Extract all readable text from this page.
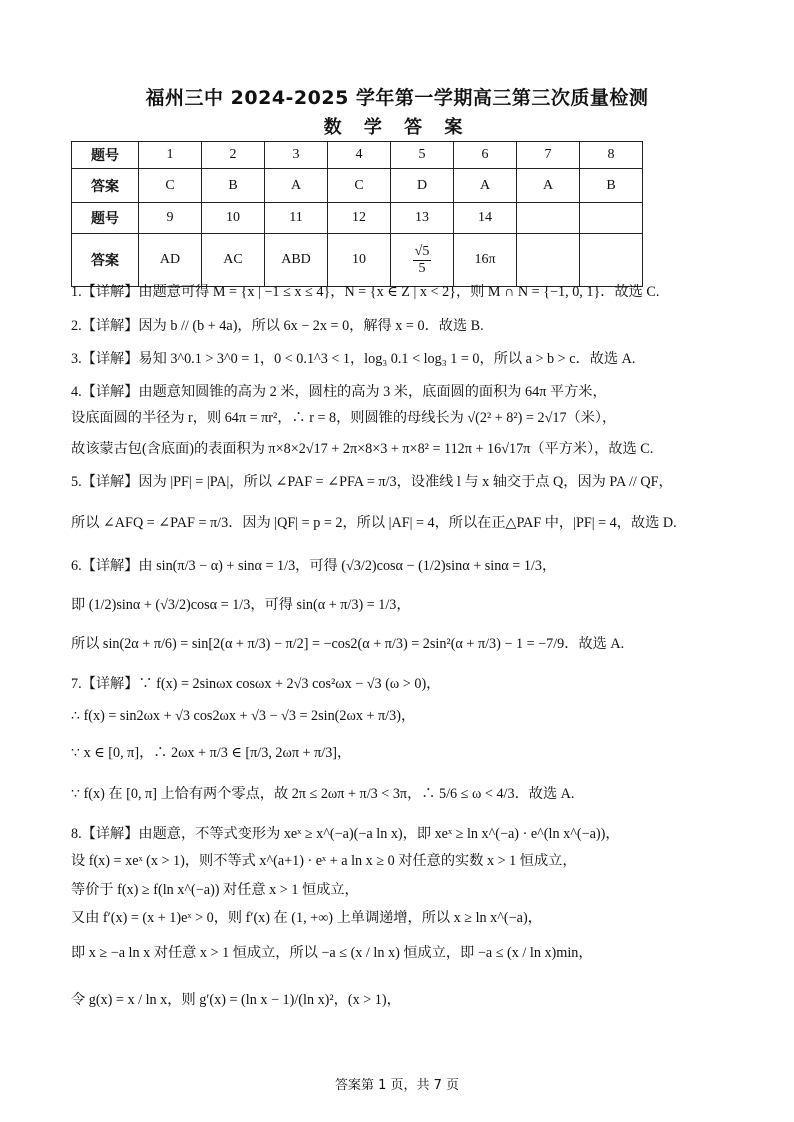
福州三中 2024-2025 学年第一学期高三第三次质量检测
数 学 答 案
题号	1	2	3	4	5	6	7	8
答案	C	B	A	C	D	A	A	B
题号	9	10	11	12	13	14		
答案	AD	AC	ABD	10	$\frac{√5}{5}$	16π		
1.【详解】由题意可得 M = {x | −1 ≤ x ≤ 4}，N = {x ∈ Z | x < 2}，则 M ∩ N = {−1, 0, 1}．故选 C.
2.【详解】因为 b // (b + 4a)，所以 6x − 2x = 0，解得 x = 0．故选 B.
3.【详解】易知 3^0.1 > 3^0 = 1，0 < 0.1^3 < 1，log₃ 0.1 < log₃ 1 = 0，所以 a > b > c．故选 A.
4.【详解】由题意知圆锥的高为 2 米，圆柱的高为 3 米，底面圆的面积为 64π 平方米，
设底面圆的半径为 r，则 64π = πr²，∴ r = 8，则圆锥的母线长为 √(2² + 8²) = 2√17（米），
故该蒙古包(含底面)的表面积为 π×8×2√17 + 2π×8×3 + π×8² = 112π + 16√17π（平方米），故选 C.
5.【详解】因为 |PF| = |PA|，所以 ∠PAF = ∠PFA = π/3，设准线 l 与 x 轴交于点 Q，因为 PA // QF，
所以 ∠AFQ = ∠PAF = π/3．因为 |QF| = p = 2，所以 |AF| = 4，所以在正△PAF 中，|PF| = 4，故选 D.
6.【详解】由 sin(π/3 − α) + sinα = 1/3，可得 (√3/2)cosα − (1/2)sinα + sinα = 1/3，
即 (1/2)sinα + (√3/2)cosα = 1/3，可得 sin(α + π/3) = 1/3，
所以 sin(2α + π/6) = sin[2(α + π/3) − π/2] = −cos2(α + π/3) = 2sin²(α + π/3) − 1 = −7/9．故选 A.
7.【详解】∵ f(x) = 2sinωx cosωx + 2√3 cos²ωx − √3 (ω > 0)，
∴ f(x) = sin2ωx + √3 cos2ωx + √3 − √3 = 2sin(2ωx + π/3)，
∵ x ∈ [0, π]，∴ 2ωx + π/3 ∈ [π/3, 2ωπ + π/3]，
∵ f(x) 在 [0, π] 上恰有两个零点，故 2π ≤ 2ωπ + π/3 < 3π，∴ 5/6 ≤ ω < 4/3．故选 A.
8.【详解】由题意，不等式变形为 xeˣ ≥ x^(−a)(−a ln x)，即 xeˣ ≥ ln x^(−a) · e^(ln x^(−a))，
设 f(x) = xeˣ (x > 1)，则不等式 x^(a+1) · eˣ + a ln x ≥ 0 对任意的实数 x > 1 恒成立，
等价于 f(x) ≥ f(ln x^(−a)) 对任意 x > 1 恒成立，
又由 f′(x) = (x + 1)eˣ > 0，则 f′(x) 在 (1, +∞) 上单调递增，所以 x ≥ ln x^(−a)，
即 x ≥ −a ln x 对任意 x > 1 恒成立，所以 −a ≤ (x / ln x) 恒成立，即 −a ≤ (x / ln x)min，
令 g(x) = x / ln x，则 g′(x) = (ln x − 1)/(ln x)²，(x > 1)，
答案第 1 页，共 7 页
